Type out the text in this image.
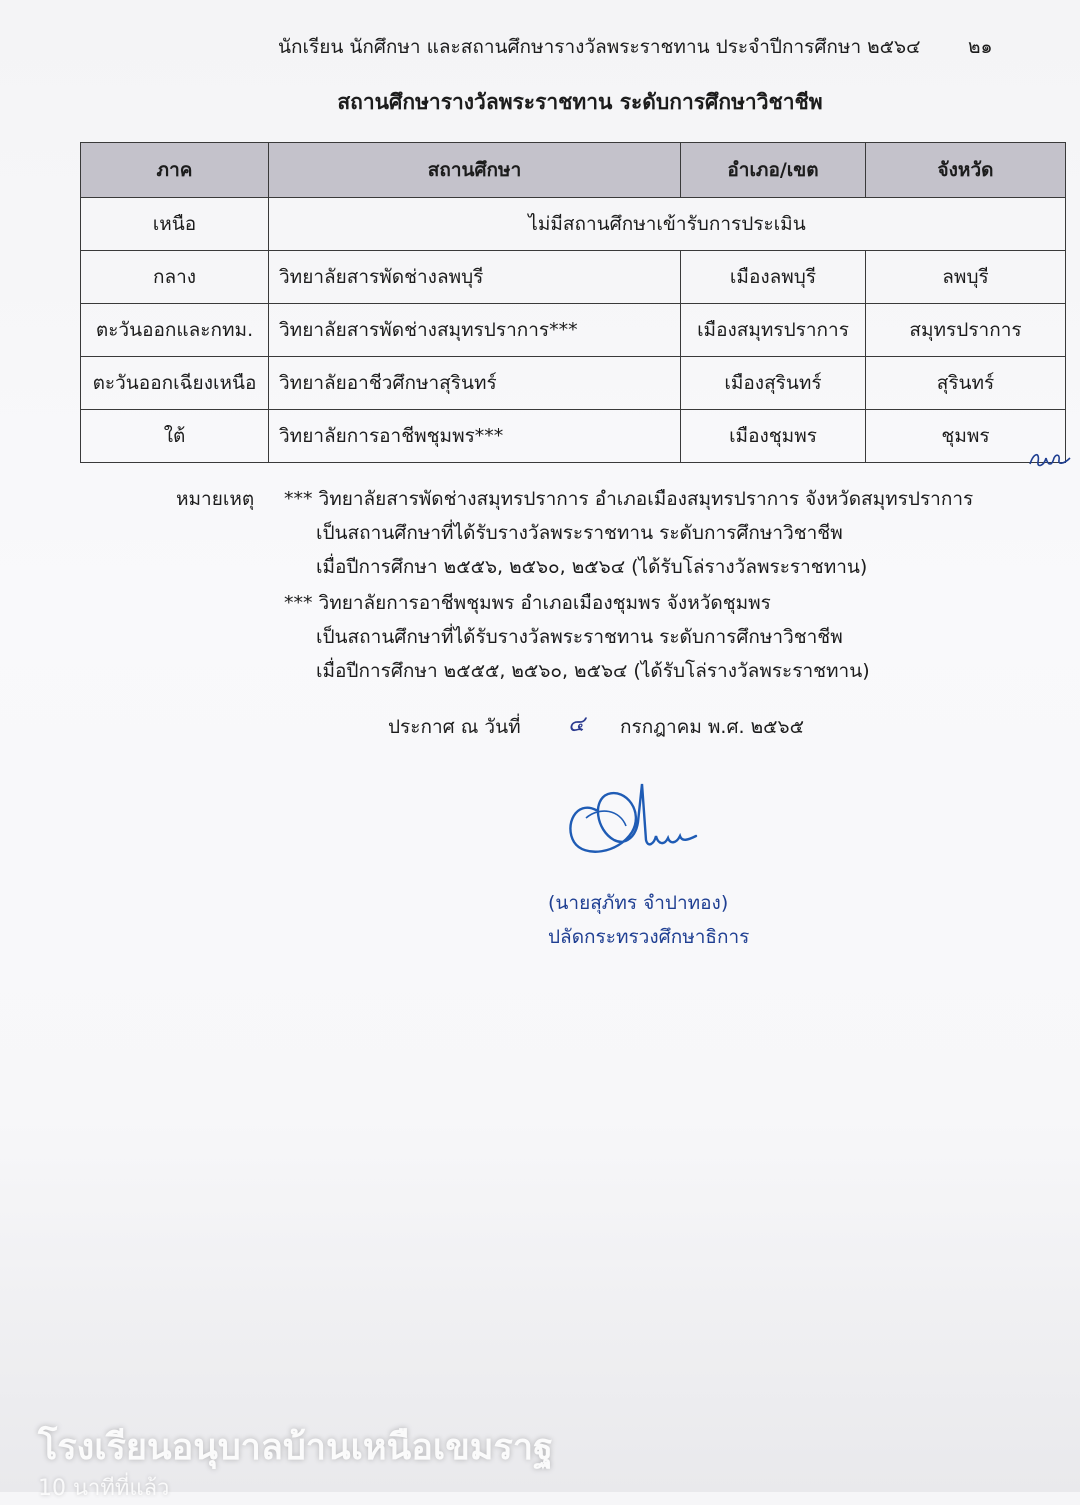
นักเรียน นักศึกษา และสถานศึกษารางวัลพระราชทาน ประจำปีการศึกษา ๒๕๖๔	๒๑
สถานศึกษารางวัลพระราชทาน ระดับการศึกษาวิชาชีพ
ภาค	สถานศึกษา	อำเภอ/เขต	จังหวัด
เหนือ	ไม่มีสถานศึกษาเข้ารับการประเมิน		
กลาง	วิทยาลัยสารพัดช่างลพบุรี	เมืองลพบุรี	ลพบุรี
ตะวันออกและกทม.	วิทยาลัยสารพัดช่างสมุทรปราการ***	เมืองสมุทรปราการ	สมุทรปราการ
ตะวันออกเฉียงเหนือ	วิทยาลัยอาชีวศึกษาสุรินทร์	เมืองสุรินทร์	สุรินทร์
ใต้	วิทยาลัยการอาชีพชุมพร***	เมืองชุมพร	ชุมพร
หมายเหตุ *** วิทยาลัยสารพัดช่างสมุทรปราการ อำเภอเมืองสมุทรปราการ จังหวัดสมุทรปราการ
เป็นสถานศึกษาที่ได้รับรางวัลพระราชทาน ระดับการศึกษาวิชาชีพ
เมื่อปีการศึกษา ๒๕๕๖, ๒๕๖๐, ๒๕๖๔ (ได้รับโล่รางวัลพระราชทาน)
*** วิทยาลัยการอาชีพชุมพร อำเภอเมืองชุมพร จังหวัดชุมพร
เป็นสถานศึกษาที่ได้รับรางวัลพระราชทาน ระดับการศึกษาวิชาชีพ
เมื่อปีการศึกษา ๒๕๕๕, ๒๕๖๐, ๒๕๖๔ (ได้รับโล่รางวัลพระราชทาน)
ประกาศ ณ วันที่ ๔ กรกฎาคม พ.ศ. ๒๕๖๕
(นายสุภัทร จำปาทอง)
ปลัดกระทรวงศึกษาธิการ
โรงเรียนอนุบาลบ้านเหนือเขมราฐ
10 นาทีที่แล้ว
